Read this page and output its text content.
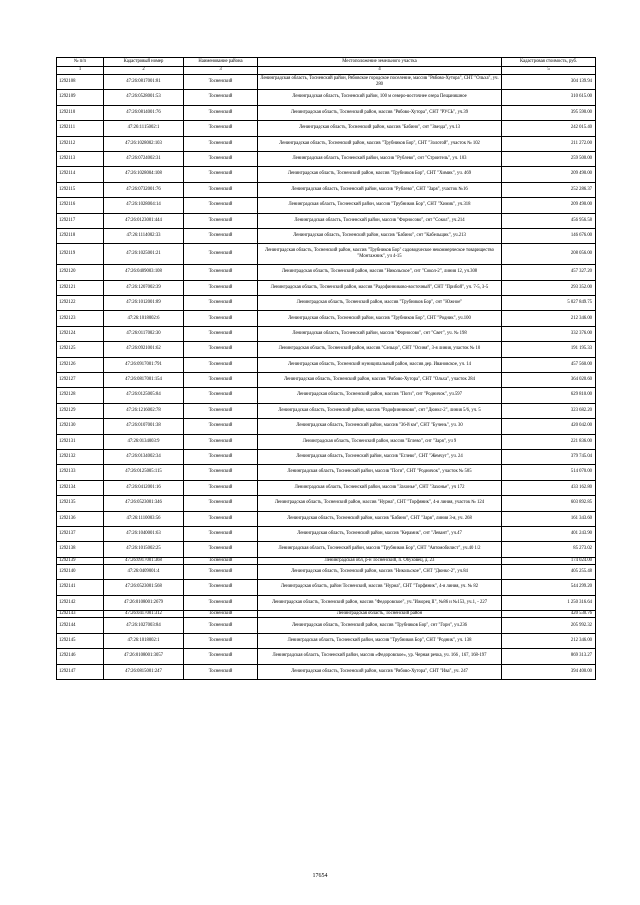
№ п/п	Кадастровый номер	Наименование района	Местоположение земельного участка	Кадастровая стоимость, руб.
1	2	3	4	5
1292108	47:26:0817001:81	Тосненский	Ленинградская область, Тосненский район, Рябовское городское поселение, массив "Рябово-Хутора", СНТ "Ольха", уч. 280	304 139.94
1292109	47:26:0528001:53	Тосненский	Ленинградская область, Тосненский район, 100 м северо-восточнее озера Пещанишное	310 615.00
1292110	47:26:0814001:76	Тосненский	Ленинградская область, Тосненский район, массив "Рябово-Хутора", СНТ "РУСЬ", уч.39	395 590.00
1292111	47:26:1115002:1	Тосненский	Ленинградская область, Тосненский район, массив "Бабино", снт "Звезда", уч.13	242 015.40
1292112	47:26:1028002:103	Тосненский	Ленинградская область, Тосненский район, массив "Трубников Бор", СНТ "Золотой", участок № 102	211 272.00
1292113	47:26:0724002:31	Тосненский	Ленинградская область, Тосненский район, массив "Рублево", снт "Строитель", уч. 103	259 500.00
1292114	47:26:1028004:108	Тосненский	Ленинградская область, Тосненский район, массив "Трубников Бор", СНТ "Химик", уч. 469	209 490.00
1292115	47:26:0732001:76	Тосненский	Ленинградская область, Тосненский район, массив "Рублево", СНТ "Заря", участок №16	252 286.37
1292116	47:26:1028004:14	Тосненский	Ленинградская область, Тосненский район, массив "Трубников Бор", СНТ "Химик", уч.318	209 490.00
1292117	47:26:0123001:444	Тосненский	Ленинградская область, Тосненский район, массив "Форносово", снт "Сокол", уч.214	456 956.58
1292118	47:26:1114002:33	Тосненский	Ленинградская область, Тосненский район, массив "Бабино", снт "Кабельщик", уч.213	146 676.00
1292119	47:26:1025001:21	Тосненский	Ленинградская область, Тосненский район, массив "Трубников Бор" садоводческое некоммерческое товарищество "Монтажник", уч 4-15	208 056.00
1292120	47:26:0409003:108	Тосненский	Ленинградская область, Тосненский район, массив "Никольское", снт "Сокол-2", линия 12, уч.308	457 327.20
1292121	47:26:1207002:39	Тосненский	Ленинградская область, Тосненский район, массив "Радофинниково-восточный", СНТ "Прибой", уч. 7-5, 3-5	293 352.00
1292122	47:26:1012001:89	Тосненский	Ленинградская область, Тосненский район, массив "Трубников Бор", снт "Южное"	5 027 849.75
1292123	47:26:1018002:6	Тосненский	Ленинградская область, Тосненский район, массив "Трубников Бор", СНТ "Родник", уч.100	212 346.00
1292124	47:26:0117002:30	Тосненский	Ленинградская область, Тосненский район, массив "Форносово", снт "Свет", уч. № 198	332 376.00
1292125	47:26:0921001:62	Тосненский	Ленинградская область, Тосненский район, массив "Сельцо", СНТ "Осиня", 3-я линия, участок № 10	191 195.33
1292126	47:26:0917001:791	Тосненский	Ленинградская область, Тосненский муниципальный район, массив дер. Ивановское, уч. 14	457 560.00
1292127	47:26:0817001:154	Тосненский	Ленинградская область, Тосненский район, массив "Рябово-Хутора", СНТ "Ольха", участок 284	364 020.60
1292128	47:26:0125005:84	Тосненский	Ленинградская область, Тосненский район, массив "Поги", снт "Родничок", уч.597	629 810.00
1292129	47:26:1216002:78	Тосненский	Ленинградская область, Тосненский район, массив "Радофинниково", снт "Дюнкс-2", линия 5/6, уч. 5	323 682.20
1292130	47:26:0107001:38	Тосненский	Ленинградская область, Тосненский район, массив "36-й км", СНТ "Бучень", уч. 30	420 042.00
1292131	47:26:0134003:9	Тосненский	Ленинградская область, Тосненский район, массив "Еглево", снт "Заря", уч 9	221 836.00
1292132	47:26:0134002:34	Тосненский	Ленинградская область, Тосненский район, массив "Еглево", СНТ "Жемчуг", уч. 24	379 745.04
1292133	47:26:0125005:115	Тосненский	Ленинградская область, Тосненский район, массив "Поги", СНТ "Родничок", участок № 505	514 070.00
1292134	47:26:0412001:16	Тосненский	Ленинградская область, Тосненский район, массив "Захонье", СНТ "Захонье", уч 172	433 162.80
1292135	47:26:0523001:346	Тосненский	Ленинградская область, Тосненский район, массив "Нурма", СНТ "Торфяник", 4-я линия, участок № 124	603 892.85
1292136	47:26:1110003:56	Тосненский	Ленинградская область, Тосненский район, массив "Бабино", СНТ "Заря", линия 3-я, уч. 268	161 343.60
1292137	47:26:1040001:63	Тосненский	Ленинградская область, Тосненский район, массив "Керамик", снт "Левант", уч.47	401 243.90
1292138	47:26:1015002:25	Тосненский	Ленинградская область, Тосненский район, массив "Трубников Бор", СНТ "Автомобилист", уч.40 1/2	85 273.02
1292139	47:26:0917001:368	Тосненский	Ленинградская обл, р-н Тосненский, п. Обуховец, д. 23	174 024.00
1292140	47:26:0409001:4	Тосненский	Ленинградская область, Тосненский район, массив "Никольское", СНТ "Дюнкс-2", уч.84	405 255.48
1292141	47:26:0523001:568	Тосненский	Ленинградская область, район Тосненский, массив "Нурма", СНТ "Торфяник", 4-я линия, уч. № 82	544 299.20
1292142	47:26:0108001:2679	Тосненский	Ленинградская область, Тосненский район, массив "Федоровское", уч."Ижорец II", №86 и №153, уч.1, - 227	1 250 316.64
1292143	47:26:0417001:312	Тосненский	Ленинградская область, Тосненский район	420 530.76
1292144	47:26:1027003:84	Тосненский	Ленинградская область, Тосненский район, массив "Трубников Бор", снт "Горн", уч.236	205 992.32
1292145	47:26:1018002:1	Тосненский	Ленинградская область, Тосненский район, массив "Трубников Бор", СНТ "Родник", уч. 138	212 346.00
1292146	47:26:0108001:3057	Тосненский	Ленинградская область, Тосненский район, массив «Федоровское», ур. Черная речка, уч. 166 , 167, 168-197	869 313.27
1292147	47:26:0815001:247	Тосненский	Ленинградская область, Тосненский район, массив "Рябово-Хутора", СНТ "Ива", уч. 247	394 400.00
17654
